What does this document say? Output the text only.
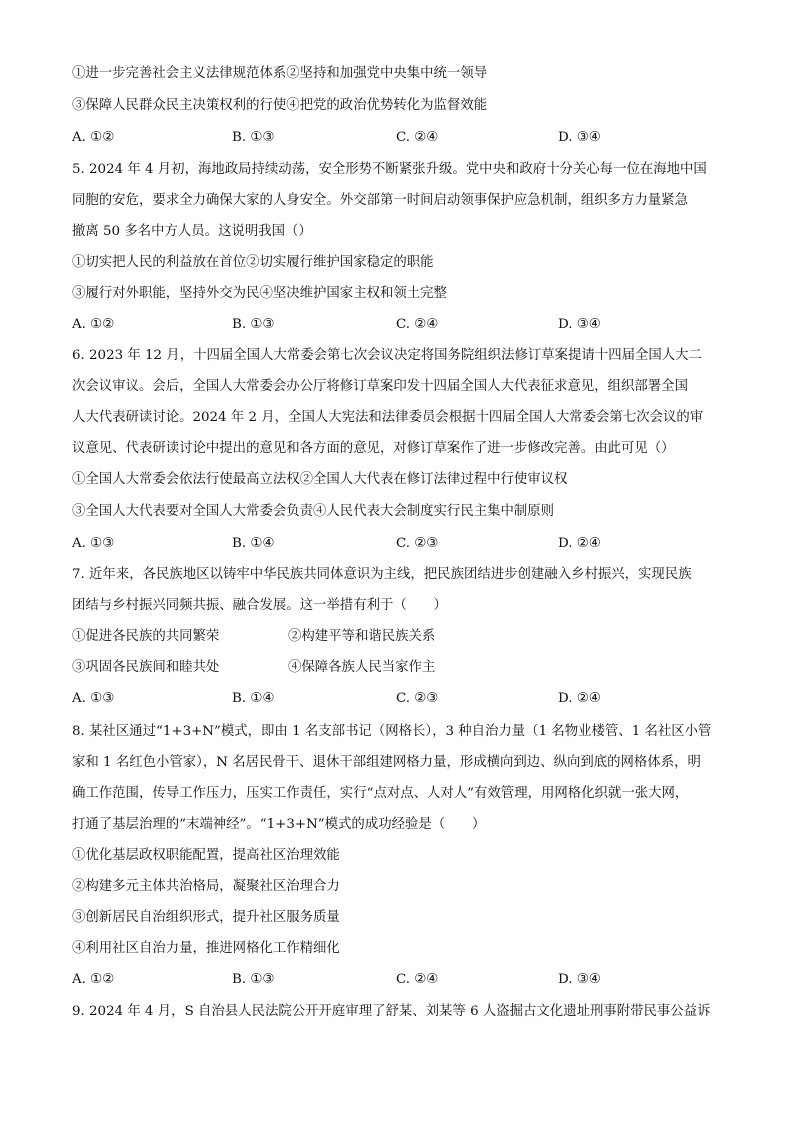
①进一步完善社会主义法律规范体系②坚持和加强党中央集中统一领导
③保障人民群众民主决策权利的行使④把党的政治优势转化为监督效能
A. ①②	B. ①③	C. ②④	D. ③④
5. 2024 年 4 月初，海地政局持续动荡，安全形势不断紧张升级。党中央和政府十分关心每一位在海地中国
同胞的安危，要求全力确保大家的人身安全。外交部第一时间启动领事保护应急机制，组织多方力量紧急
撤离 50 多名中方人员。这说明我国（）
①切实把人民的利益放在首位②切实履行维护国家稳定的职能
③履行对外职能，坚持外交为民④坚决维护国家主权和领土完整
A. ①②	B. ①③	C. ②④	D. ③④
6. 2023 年 12 月，十四届全国人大常委会第七次会议决定将国务院组织法修订草案提请十四届全国人大二
次会议审议。会后，全国人大常委会办公厅将修订草案印发十四届全国人大代表征求意见，组织部署全国
人大代表研读讨论。2024 年 2 月，全国人大宪法和法律委员会根据十四届全国人大常委会第七次会议的审
议意见、代表研读讨论中提出的意见和各方面的意见，对修订草案作了进一步修改完善。由此可见（）
①全国人大常委会依法行使最高立法权②全国人大代表在修订法律过程中行使审议权
③全国人大代表要对全国人大常委会负责④人民代表大会制度实行民主集中制原则
A. ①③	B. ①④	C. ②③	D. ②④
7. 近年来，各民族地区以铸牢中华民族共同体意识为主线，把民族团结进步创建融入乡村振兴，实现民族
团结与乡村振兴同频共振、融合发展。这一举措有利于（　　）
①促进各民族的共同繁荣	②构建平等和谐民族关系
③巩固各民族间和睦共处	④保障各族人民当家作主
A. ①③	B. ①④	C. ②③	D. ②④
8. 某社区通过“1+3+N”模式，即由 1 名支部书记（网格长），3 种自治力量（1 名物业楼管、1 名社区小管
家和 1 名红色小管家），N 名居民骨干、退休干部组建网格力量，形成横向到边、纵向到底的网格体系，明
确工作范围，传导工作压力，压实工作责任，实行“点对点、人对人”有效管理，用网格化织就一张大网，
打通了基层治理的“末端神经”。“1+3+N”模式的成功经验是（　　）
①优化基层政权职能配置，提高社区治理效能
②构建多元主体共治格局，凝聚社区治理合力
③创新居民自治组织形式，提升社区服务质量
④利用社区自治力量，推进网格化工作精细化
A. ①②	B. ①③	C. ②④	D. ③④
9. 2024 年 4 月，S 自治县人民法院公开开庭审理了舒某、刘某等 6 人盗掘古文化遗址刑事附带民事公益诉
